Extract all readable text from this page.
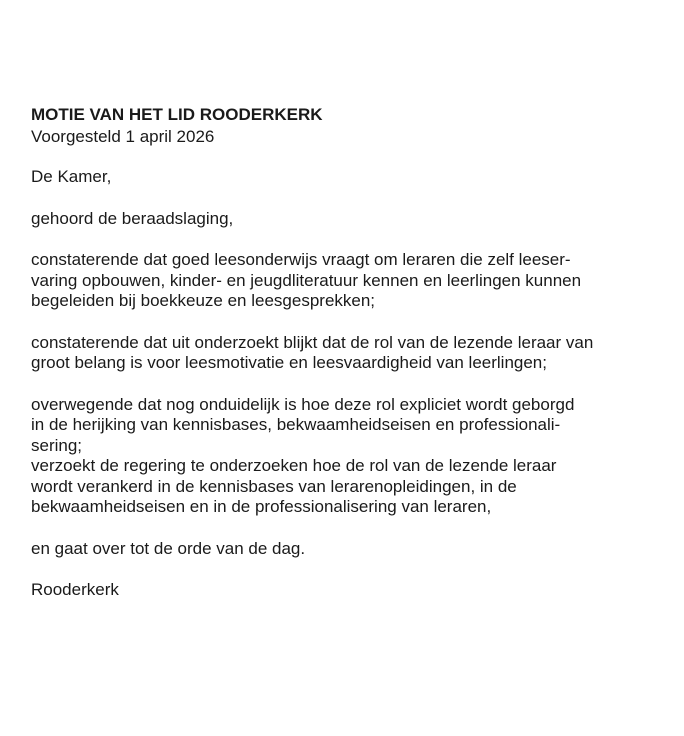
MOTIE VAN HET LID ROODERKERK

Voorgesteld 1 april 2026

De Kamer,

gehoord de beraadslaging,

constaterende dat goed leesonderwijs vraagt om leraren die zelf leeser-
varing opbouwen, kinder- en jeugdliteratuur kennen en leerlingen kunnen
begeleiden bij boekkeuze en leesgesprekken;

constaterende dat uit onderzoekt blijkt dat de rol van de lezende leraar van
groot belang is voor leesmotivatie en leesvaardigheid van leerlingen;

overwegende dat nog onduidelijk is hoe deze rol expliciet wordt geborgd
in de herijking van kennisbases, bekwaamheidseisen en professionali-
sering;

verzoekt de regering te onderzoeken hoe de rol van de lezende leraar
wordt verankerd in de kennisbases van lerarenopleidingen, in de
bekwaamheidseisen en in de professionalisering van leraren,

en gaat over tot de orde van de dag.

Rooderkerk
